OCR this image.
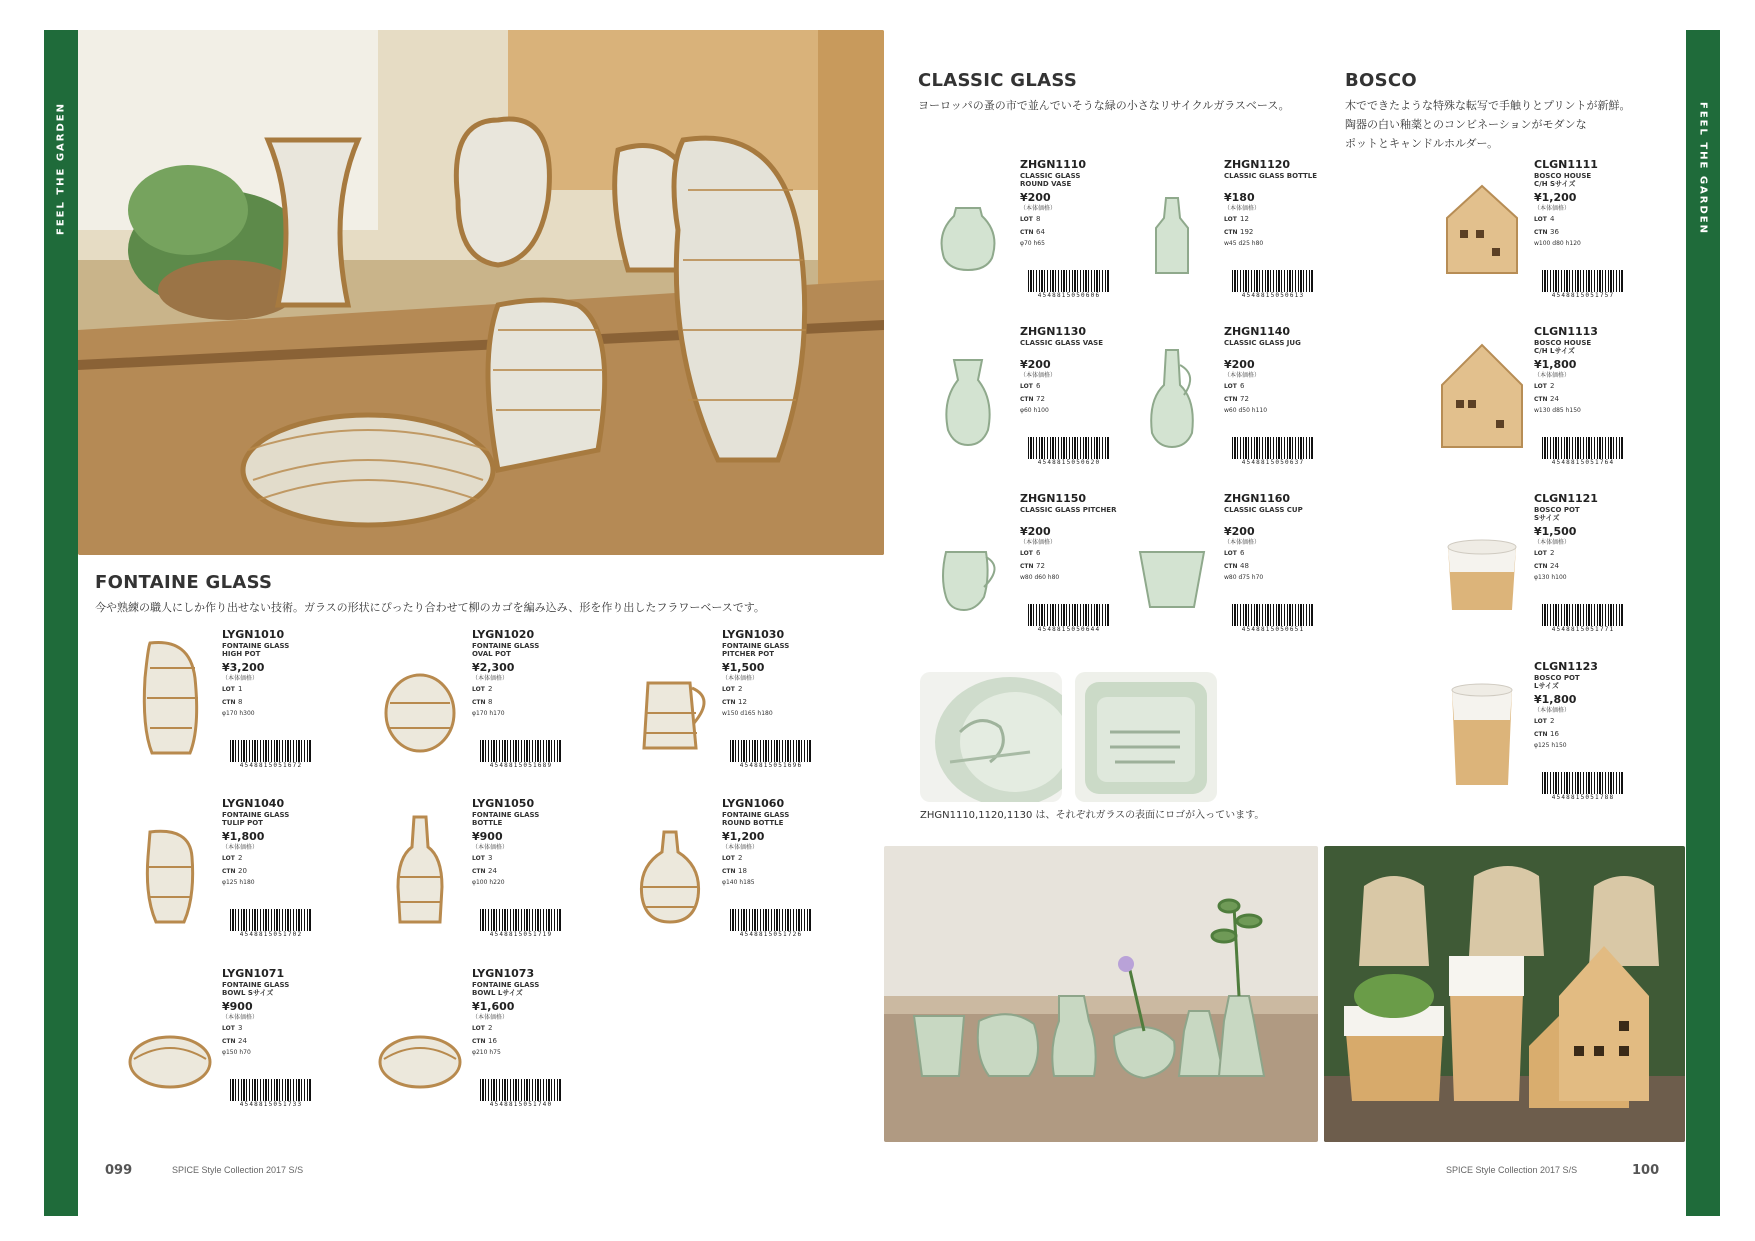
FEEL THE GARDEN	FEEL THE GARDEN
FONTAINE GLASS
今や熟練の職人にしか作り出せない技術。ガラスの形状にぴったり合わせて柳のカゴを編み込み、形を作り出したフラワーベースです。
LYGN1010
FONTAINE GLASS
HIGH POT
¥3,200
（本体価格）
LOT 1
CTN 8
φ170 h300
4548815051672
LYGN1020
FONTAINE GLASS
OVAL POT
¥2,300
（本体価格）
LOT 2
CTN 8
φ170 h170
4548815051689
LYGN1030
FONTAINE GLASS
PITCHER POT
¥1,500
（本体価格）
LOT 2
CTN 12
w150 d165 h180
4548815051696
LYGN1040
FONTAINE GLASS
TULIP POT
¥1,800
（本体価格）
LOT 2
CTN 20
φ125 h180
4548815051702
LYGN1050
FONTAINE GLASS
BOTTLE
¥900
（本体価格）
LOT 3
CTN 24
φ100 h220
4548815051719
LYGN1060
FONTAINE GLASS
ROUND BOTTLE
¥1,200
（本体価格）
LOT 2
CTN 18
φ140 h185
4548815051726
LYGN1071
FONTAINE GLASS
BOWL Sサイズ
¥900
（本体価格）
LOT 3
CTN 24
φ150 h70
4548815051733
LYGN1073
FONTAINE GLASS
BOWL Lサイズ
¥1,600
（本体価格）
LOT 2
CTN 16
φ210 h75
4548815051740
CLASSIC GLASS
ヨーロッパの蚤の市で並んでいそうな緑の小さなリサイクルガラスベース。
BOSCO
木でできたような特殊な転写で手触りとプリントが新鮮。
陶器の白い釉薬とのコンビネーションがモダンな
ポットとキャンドルホルダー。
ZHGN1110
CLASSIC GLASS
ROUND VASE
¥200
（本体価格）
LOT 8
CTN 64
φ70 h65
4548815050606
ZHGN1120
CLASSIC GLASS BOTTLE
¥180
（本体価格）
LOT 12
CTN 192
w45 d25 h80
4548815050613
ZHGN1130
CLASSIC GLASS VASE
¥200
（本体価格）
LOT 6
CTN 72
φ60 h100
4548815050620
ZHGN1140
CLASSIC GLASS JUG
¥200
（本体価格）
LOT 6
CTN 72
w60 d50 h110
4548815050637
ZHGN1150
CLASSIC GLASS PITCHER
¥200
（本体価格）
LOT 6
CTN 72
w80 d60 h80
4548815050644
ZHGN1160
CLASSIC GLASS CUP
¥200
（本体価格）
LOT 6
CTN 48
w80 d75 h70
4548815050651
CLGN1111
BOSCO HOUSE
C/H Sサイズ
¥1,200
（本体価格）
LOT 4
CTN 36
w100 d80 h120
4548815051757
CLGN1113
BOSCO HOUSE
C/H Lサイズ
¥1,800
（本体価格）
LOT 2
CTN 24
w130 d85 h150
4548815051764
CLGN1121
BOSCO POT
Sサイズ
¥1,500
（本体価格）
LOT 2
CTN 24
φ130 h100
4548815051771
CLGN1123
BOSCO POT
Lサイズ
¥1,800
（本体価格）
LOT 2
CTN 16
φ125 h150
4548815051788
ZHGN1110,1120,1130 は、それぞれガラスの表面にロゴが入っています。
099	SPICE Style Collection 2017 S/S	SPICE Style Collection 2017 S/S	100
